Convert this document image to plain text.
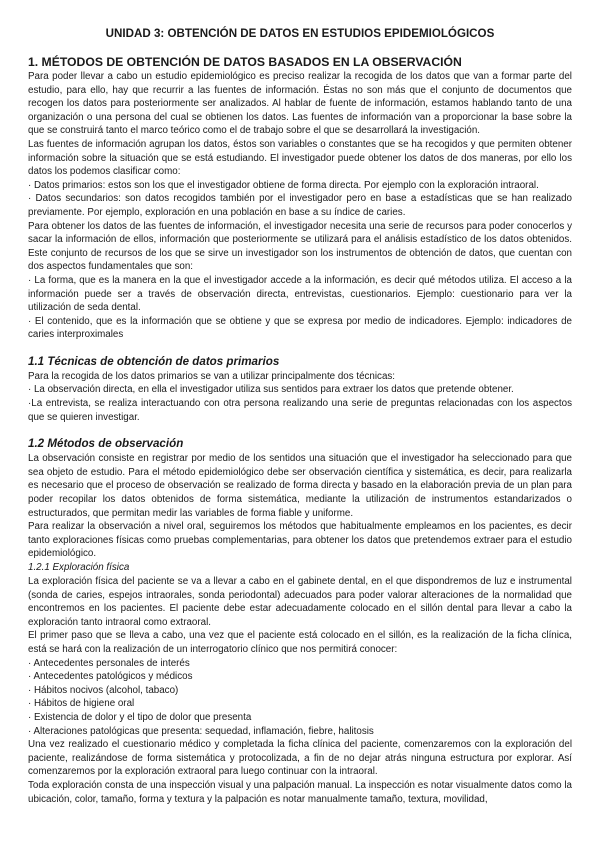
UNIDAD 3: OBTENCIÓN DE DATOS EN ESTUDIOS EPIDEMIOLÓGICOS
1. MÉTODOS DE OBTENCIÓN DE DATOS BASADOS EN LA OBSERVACIÓN

Para poder llevar a cabo un estudio epidemiológico es preciso realizar la recogida de los datos que van a formar parte del estudio, para ello, hay que recurrir a las fuentes de información. Éstas no son más que el conjunto de documentos que recogen los datos para posteriormente ser analizados. Al hablar de fuente de información, estamos hablando tanto de una organización o una persona del cual se obtienen los datos. Las fuentes de información van a proporcionar la base sobre la que se construirá tanto el marco teórico como el de trabajo sobre el que se desarrollará la investigación.

Las fuentes de información agrupan los datos, éstos son variables o constantes que se ha recogidos y que permiten obtener información sobre la situación que se está estudiando. El investigador puede obtener los datos de dos maneras, por ello los datos los podemos clasificar como:

· Datos primarios: estos son los que el investigador obtiene de forma directa. Por ejemplo con la exploración intraoral.

· Datos secundarios: son datos recogidos también por el investigador pero en base a estadísticas que se han realizado previamente. Por ejemplo, exploración en una población en base a su índice de caries.

Para obtener los datos de las fuentes de información, el investigador necesita una serie de recursos para poder conocerlos y sacar la información de ellos, información que posteriormente se utilizará para el análisis estadístico de los datos obtenidos. Este conjunto de recursos de los que se sirve un investigador son los instrumentos de obtención de datos, que cuentan con dos aspectos fundamentales que son:

· La forma, que es la manera en la que el investigador accede a la información, es decir qué métodos utiliza. El acceso a la información puede ser a través de observación directa, entrevistas, cuestionarios. Ejemplo: cuestionario para ver la utilización de seda dental.

· El contenido, que es la información que se obtiene y que se expresa por medio de indicadores. Ejemplo: indicadores de caries interproximales

1.1 Técnicas de obtención de datos primarios

Para la recogida de los datos primarios se van a utilizar principalmente dos técnicas:

· La observación directa, en ella el investigador utiliza sus sentidos para extraer los datos que pretende obtener.

·La entrevista, se realiza interactuando con otra persona realizando una serie de preguntas relacionadas con los aspectos que se quieren investigar.

1.2 Métodos de observación

La observación consiste en registrar por medio de los sentidos una situación que el investigador ha seleccionado para que sea objeto de estudio. Para el método epidemiológico debe ser observación científica y sistemática, es decir, para realizarla es necesario que el proceso de observación se realizado de forma directa y basado en la elaboración previa de un plan para poder recopilar los datos obtenidos de forma sistemática, mediante la utilización de instrumentos estandarizados o estructurados, que permitan medir las variables de forma fiable y uniforme.

Para realizar la observación a nivel oral, seguiremos los métodos que habitualmente empleamos en los pacientes, es decir tanto exploraciones físicas como pruebas complementarias, para obtener los datos que pretendemos extraer para el estudio epidemiológico.

1.2.1 Exploración física

La exploración física del paciente se va a llevar a cabo en el gabinete dental, en el que dispondremos de luz e instrumental (sonda de caries, espejos intraorales, sonda periodontal) adecuados para poder valorar alteraciones de la normalidad que encontremos en los pacientes. El paciente debe estar adecuadamente colocado en el sillón dental para llevar a cabo la exploración tanto intraoral como extraoral.

El primer paso que se lleva a cabo, una vez que el paciente está colocado en el sillón, es la realización de la ficha clínica, está se hará con la realización de un interrogatorio clínico que nos permitirá conocer:

· Antecedentes personales de interés

· Antecedentes patológicos y médicos

· Hábitos nocivos (alcohol, tabaco)

· Hábitos de higiene oral

· Existencia de dolor y el tipo de dolor que presenta

· Alteraciones patológicas que presenta: sequedad, inflamación, fiebre, halitosis

Una vez realizado el cuestionario médico y completada la ficha clínica del paciente, comenzaremos con la exploración del paciente, realizándose de forma sistemática y protocolizada, a fin de no dejar atrás ninguna estructura por explorar. Así comenzaremos por la exploración extraoral para luego continuar con la intraoral.

Toda exploración consta de una inspección visual y una palpación manual. La inspección es notar visualmente datos como la ubicación, color, tamaño, forma y textura y la palpación es notar manualmente tamaño, textura, movilidad,
